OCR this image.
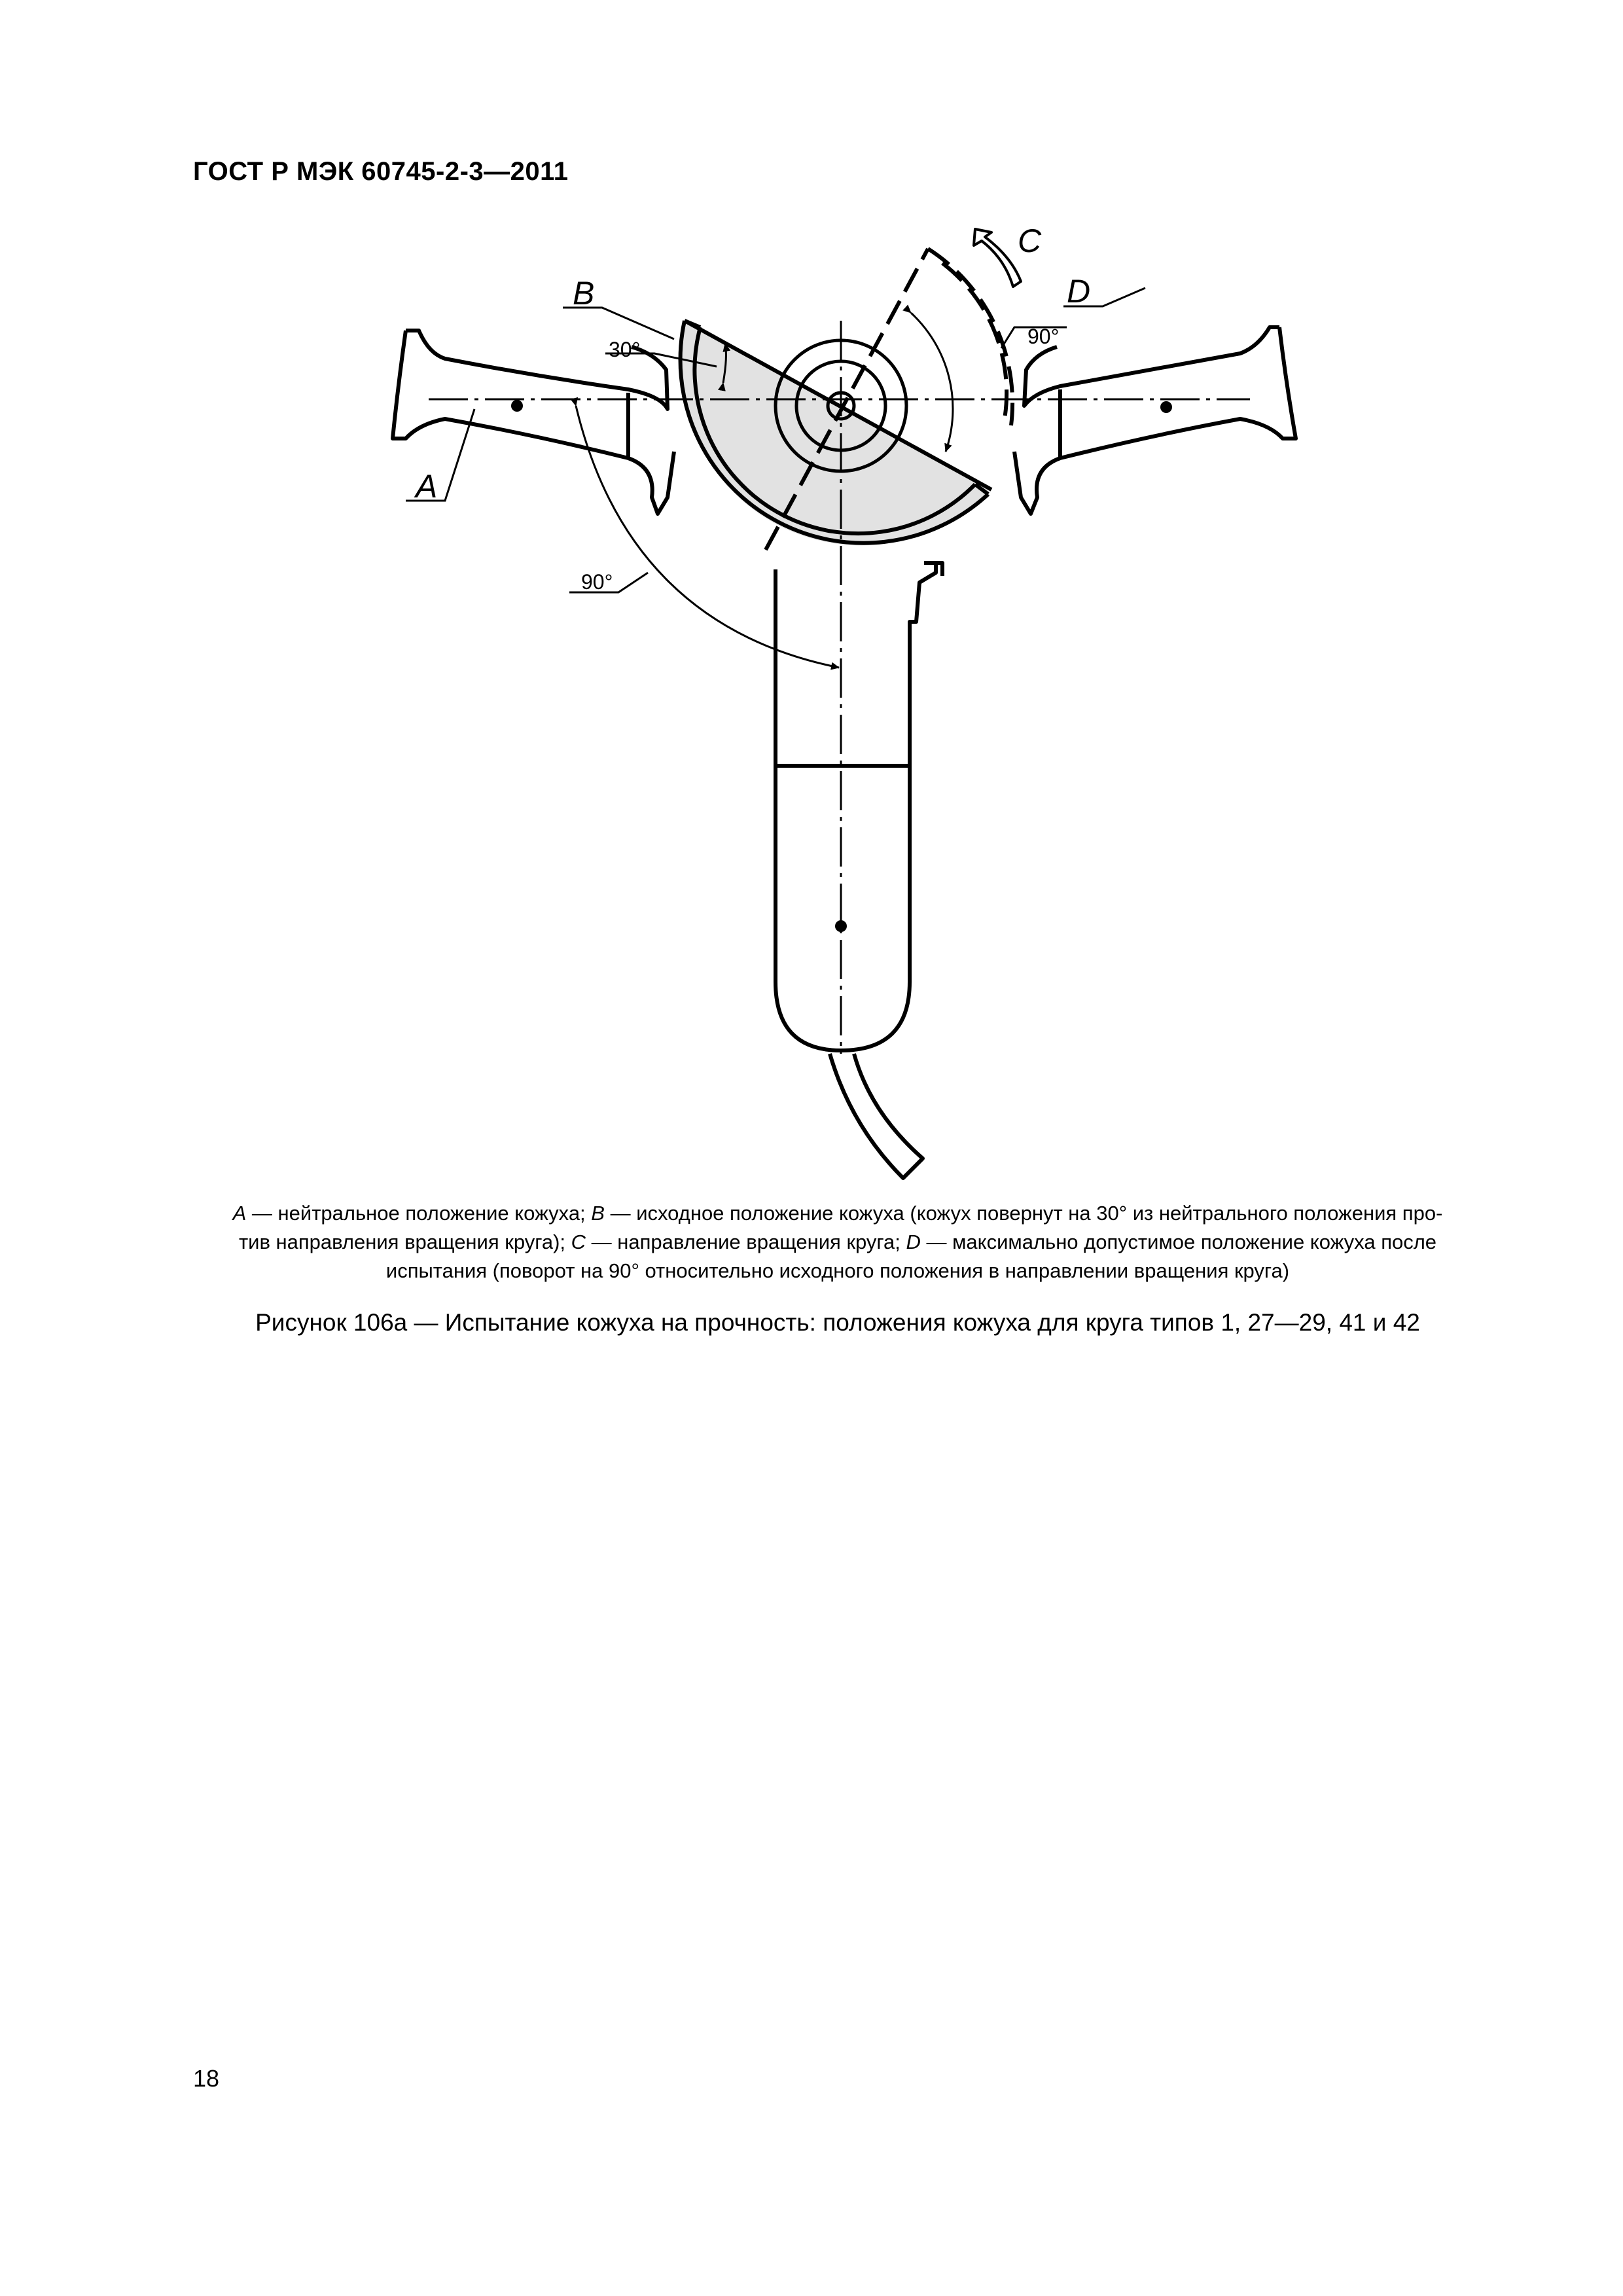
ГОСТ Р МЭК 60745-2-3—2011
A
B
C
D
30°
90°
90°
A — нейтральное положение кожуха; B — исходное положение кожуха (кожух повернут на 30° из нейтрального положения про-
тив направления вращения круга); C — направление вращения круга; D — максимально допустимое положение кожуха после
испытания (поворот на 90° относительно исходного положения в направлении вращения круга)
Рисунок 106а — Испытание кожуха на прочность: положения кожуха для круга типов 1, 27—29, 41 и 42
18
